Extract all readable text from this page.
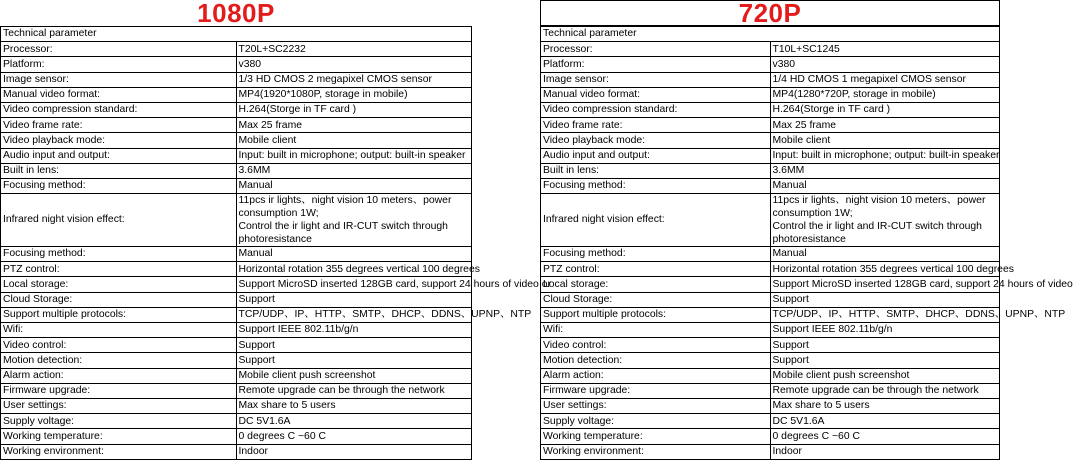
1080P
Technical parameter	
Processor:	T20L+SC2232
Platform:	v380
Image sensor:	1/3 HD CMOS 2 megapixel CMOS sensor
Manual video format:	MP4(1920*1080P, storage in mobile)
Video compression standard:	H.264(Storge in TF card )
Video frame rate:	Max 25 frame
Video playback mode:	Mobile client
Audio input and output:	Input: built in microphone; output: built-in speaker
Built in lens:	3.6MM
Focusing method:	Manual
Infrared night vision effect:	11pcs ir lights、night vision 10 meters、power consumption 1W;
Control the ir light and IR-CUT switch through photoresistance

Focusing method:	Manual
PTZ control:	Horizontal rotation 355 degrees vertical 100 degrees
Local storage:	Support MicroSD inserted 128GB card, support 24 hours of video or
Cloud Storage:	Support
Support multiple protocols:	TCP/UDP、IP、HTTP、SMTP、DHCP、DDNS、UPNP、NTP
Wifi:	Support IEEE 802.11b/g/n
Video control:	Support
Motion detection:	Support
Alarm action:	Mobile client push screenshot
Firmware upgrade:	Remote upgrade can be through the network
User settings:	Max share to 5 users
Supply voltage:	DC 5V1.6A
Working temperature:	0 degrees C ~60 C
Working environment:	Indoor
720P
Technical parameter	
Processor:	T10L+SC1245
Platform:	v380
Image sensor:	1/4 HD CMOS 1 megapixel CMOS sensor
Manual video format:	MP4(1280*720P, storage in mobile)
Video compression standard:	H.264(Storge in TF card )
Video frame rate:	Max 25 frame
Video playback mode:	Mobile client
Audio input and output:	Input: built in microphone; output: built-in speaker
Built in lens:	3.6MM
Focusing method:	Manual
Infrared night vision effect:	11pcs ir lights、night vision 10 meters、power consumption 1W;
Control the ir light and IR-CUT switch through photoresistance

Focusing method:	Manual
PTZ control:	Horizontal rotation 355 degrees vertical 100 degrees
Local storage:	Support MicroSD inserted 128GB card, support 24 hours of video
Cloud Storage:	Support
Support multiple protocols:	TCP/UDP、IP、HTTP、SMTP、DHCP、DDNS、UPNP、NTP
Wifi:	Support IEEE 802.11b/g/n
Video control:	Support
Motion detection:	Support
Alarm action:	Mobile client push screenshot
Firmware upgrade:	Remote upgrade can be through the network
User settings:	Max share to 5 users
Supply voltage:	DC 5V1.6A
Working temperature:	0 degrees C ~60 C
Working environment:	Indoor
